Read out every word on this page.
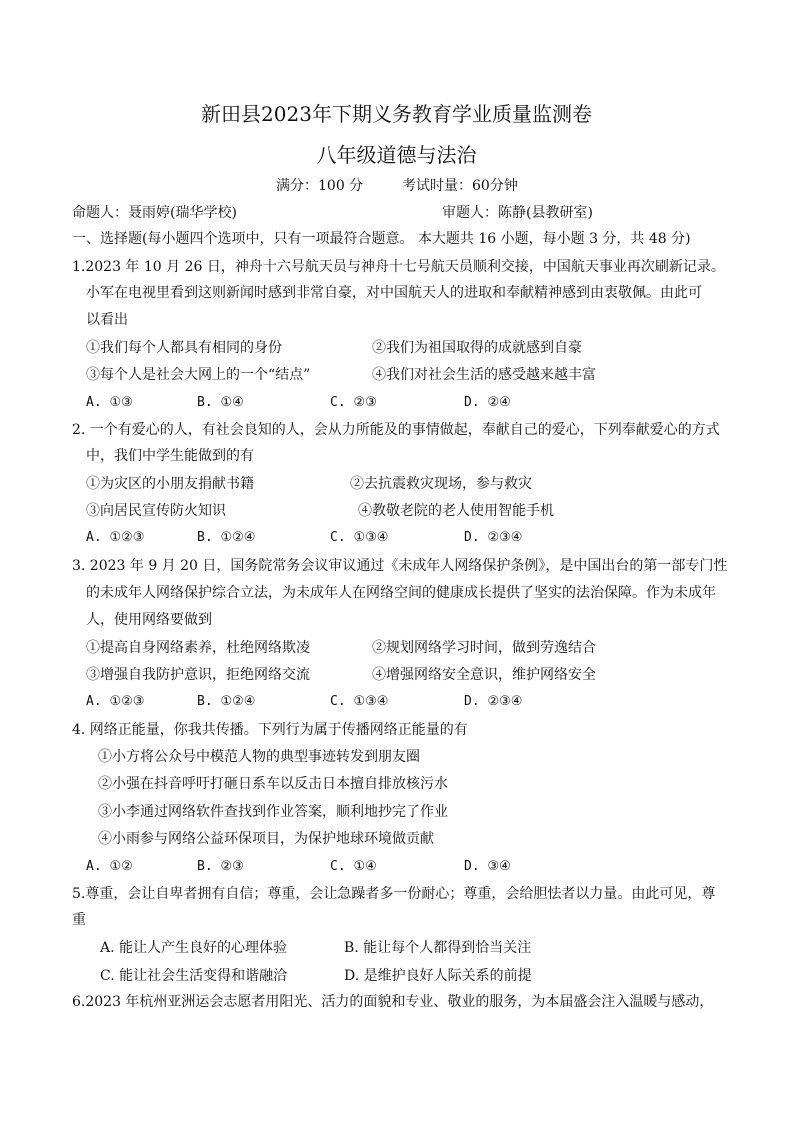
新田县2023年下期义务教育学业质量监测卷
八年级道德与法治
满分：100 分	考试时量：60分钟
命题人：聂雨婷(瑞华学校)	审题人：陈静(县教研室)
一、选择题(每小题四个选项中，只有一项最符合题意。 本大题共 16 小题，每小题 3 分，共 48 分)
1.2023 年 10 月 26 日，神舟十六号航天员与神舟十七号航天员顺利交接，中国航天事业再次刷新记录。
小军在电视里看到这则新闻时感到非常自豪，对中国航天人的进取和奉献精神感到由衷敬佩。由此可
以看出
①我们每个人都具有相同的身份	②我们为祖国取得的成就感到自豪
③每个人是社会大网上的一个“结点”	④我们对社会生活的感受越来越丰富
A. ①③	B. ①④	C. ②③	D. ②④
2. 一个有爱心的人，有社会良知的人，会从力所能及的事情做起，奉献自己的爱心，下列奉献爱心的方式
中，我们中学生能做到的有
①为灾区的小朋友捐献书籍	②去抗震救灾现场，参与救灾
③向居民宣传防火知识	④教敬老院的老人使用智能手机
A. ①②③	B. ①②④	C. ①③④	D. ②③④
3. 2023 年 9 月 20 日，国务院常务会议审议通过《未成年人网络保护条例》，是中国出台的第一部专门性
的未成年人网络保护综合立法，为未成年人在网络空间的健康成长提供了坚实的法治保障。作为未成年
人，使用网络要做到
①提高自身网络素养，杜绝网络欺凌	②规划网络学习时间，做到劳逸结合
③增强自我防护意识，拒绝网络交流	④增强网络安全意识，维护网络安全
A. ①②③	B. ①②④	C. ①③④	D. ②③④
4. 网络正能量，你我共传播。下列行为属于传播网络正能量的有
①小方将公众号中模范人物的典型事迹转发到朋友圈
②小强在抖音呼吁打砸日系车以反击日本擅自排放核污水
③小李通过网络软件查找到作业答案，顺利地抄完了作业
④小雨参与网络公益环保项目，为保护地球环境做贡献
A. ①②	B. ②③	C. ①④	D. ③④
5.尊重，会让自卑者拥有自信；尊重，会让急躁者多一份耐心；尊重，会给胆怯者以力量。由此可见，尊
重
A. 能让人产生良好的心理体验	B. 能让每个人都得到恰当关注
C. 能让社会生活变得和谐融洽	D. 是维护良好人际关系的前提
6.2023 年杭州亚洲运会志愿者用阳光、活力的面貌和专业、敬业的服务，为本届盛会注入温暖与感动，
